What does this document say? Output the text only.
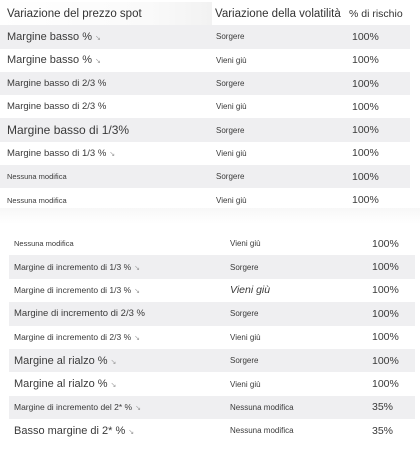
Variazione del prezzo spot	Variazione della volatilità	% di rischio
Margine basso % ↘	Sorgere	100%
Margine basso % ↘	Vieni giù	100%
Margine basso di 2/3 %	Sorgere	100%
Margine basso di 2/3 %	Vieni giù	100%
Margine basso di 1/3%	Sorgere	100%
Margine basso di 1/3 % ↘	Vieni giù	100%
Nessuna modifica	Sorgere	100%
Nessuna modifica	Vieni giù	100%
Nessuna modifica	Vieni giù	100%
Margine di incremento di 1/3 % ↘	Sorgere	100%
Margine di incremento di 1/3 % ↘	Vieni giù	100%
Margine di incremento di 2/3 %	Sorgere	100%
Margine di incremento di 2/3 % ↘	Vieni giù	100%
Margine al rialzo % ↘	Sorgere	100%
Margine al rialzo % ↘	Vieni giù	100%
Margine di incremento del 2* % ↘	Nessuna modifica	35%
Basso margine di 2* % ↘	Nessuna modifica	35%
